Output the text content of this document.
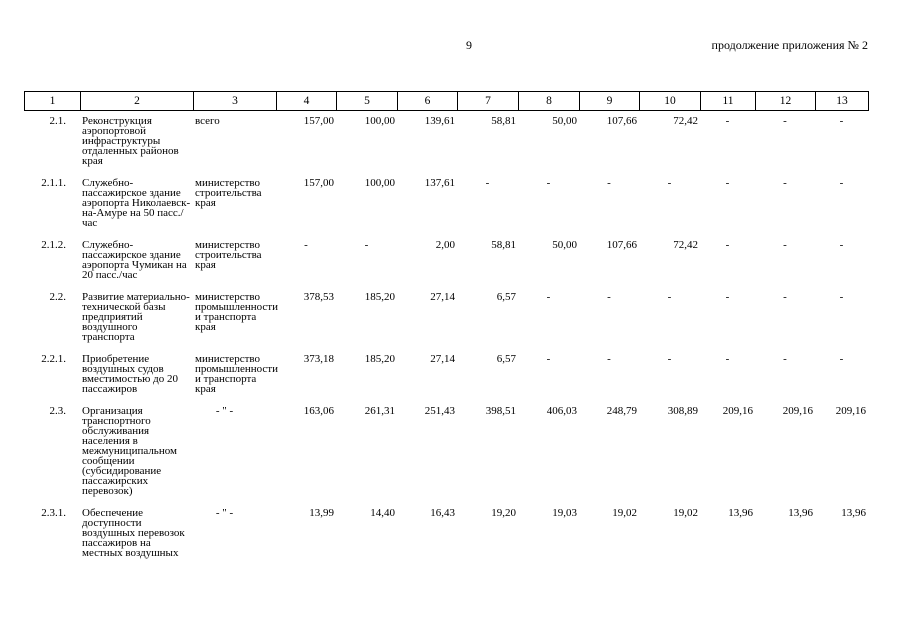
9	продолжение приложения № 2
1	2	3	4	5	6	7	8	9	10	11	12	13
2.1.	Реконструкция аэропортовой инфраструктуры отдаленных районов края	всего	157,00	100,00	139,61	58,81	50,00	107,66	72,42	-	-	-
2.1.1.	Служебно-пассажирское здание аэропорта Николаевск-на-Амуре на 50 пасс./час	министерство строительства края	157,00	100,00	137,61	-	-	-	-	-	-	-
2.1.2.	Служебно-пассажирское здание аэропорта Чумикан на 20 пасс./час	министерство строительства края	-	-	2,00	58,81	50,00	107,66	72,42	-	-	-
2.2.	Развитие материально-технической базы предприятий воздушного транспорта	министерство промышленности и транспорта края	378,53	185,20	27,14	6,57	-	-	-	-	-	-
2.2.1.	Приобретение воздушных судов вместимостью до 20 пассажиров	министерство промышленности и транспорта края	373,18	185,20	27,14	6,57	-	-	-	-	-	-
2.3.	Организация транспортного обслуживания населения в межмуниципальном сообщении (субсидирование пассажирских перевозок)	- " -	163,06	261,31	251,43	398,51	406,03	248,79	308,89	209,16	209,16	209,16
2.3.1.	Обеспечение доступности воздушных перевозок пассажиров на местных воздушных	- " -	13,99	14,40	16,43	19,20	19,03	19,02	19,02	13,96	13,96	13,96
